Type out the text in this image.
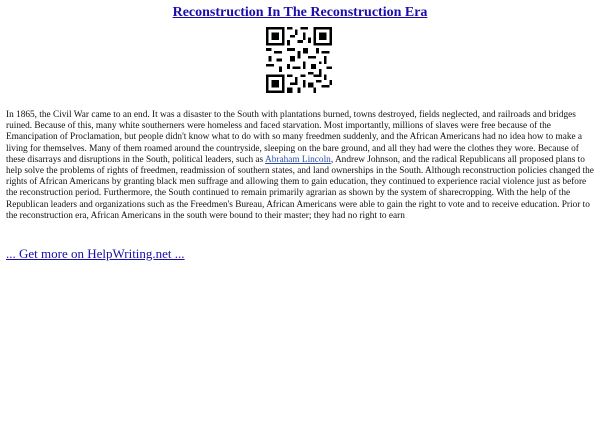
Reconstruction In The Reconstruction Era

In 1865, the Civil War came to an end. It was a disaster to the South with plantations burned, towns destroyed, fields neglected, and railroads and bridges ruined. Because of this, many white southerners were homeless and faced starvation. Most importantly, millions of slaves were free because of the Emancipation of Proclamation, but people didn't know what to do with so many freedmen suddenly, and the African Americans had no idea how to make a living for themselves. Many of them roamed around the countryside, sleeping on the bare ground, and all they had were the clothes they wore. Because of these disarrays and disruptions in the South, political leaders, such as Abraham Lincoln, Andrew Johnson, and the radical Republicans all proposed plans to help solve the problems of rights of freedmen, readmission of southern states, and land ownerships in the South. Although reconstruction policies changed the rights of African Americans by granting black men suffrage and allowing them to gain education, they continued to experience racial violence just as before the reconstruction period. Furthermore, the South continued to remain primarily agrarian as shown by the system of sharecropping. With the help of the Republican leaders and organizations such as the Freedmen's Bureau, African Americans were able to gain the right to vote and to receive education. Prior to the reconstruction era, African Americans in the south were bound to their master; they had no right to earn

... Get more on HelpWriting.net ...
